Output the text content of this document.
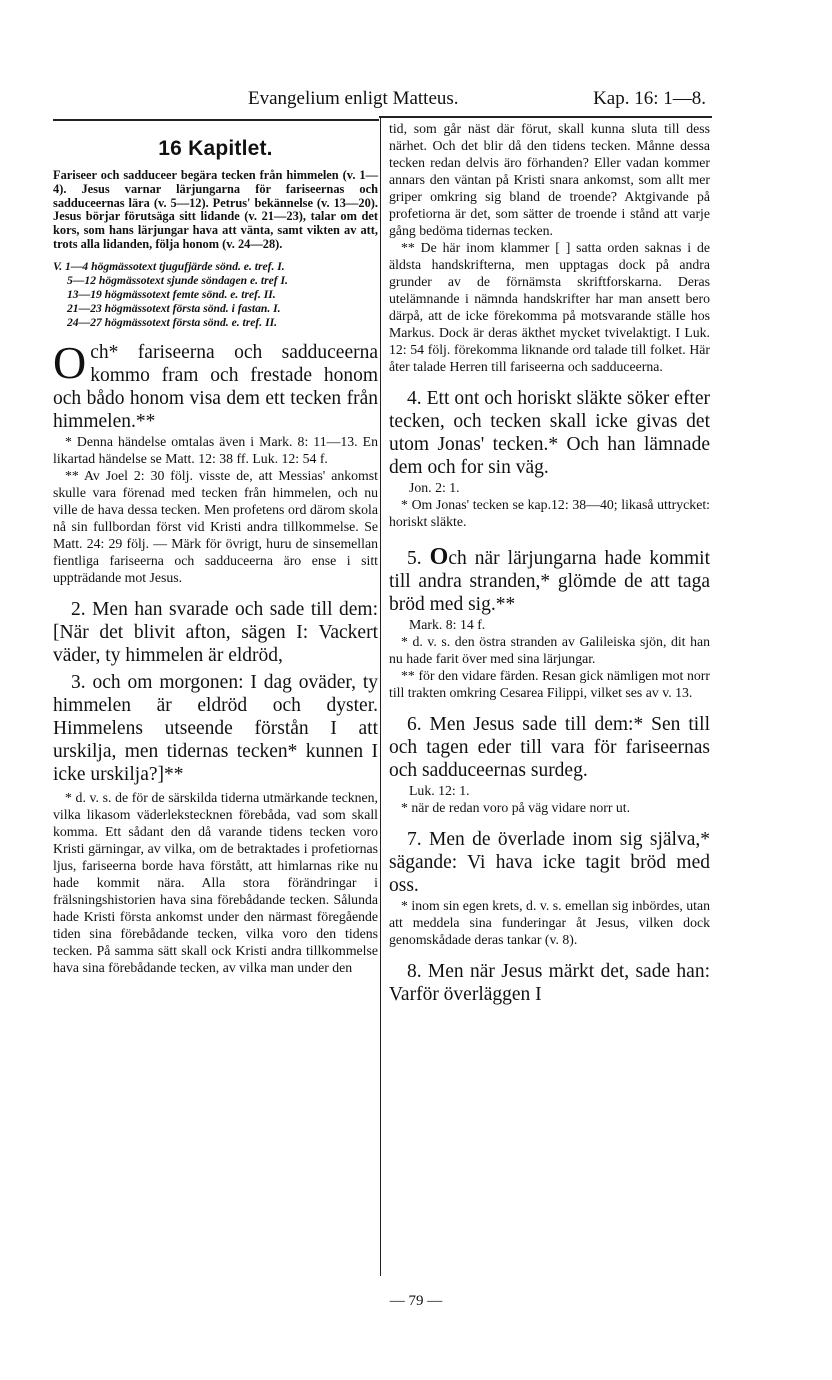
Evangelium enligt Matteus.	Kap. 16: 1—8.
16 Kapitlet.

Fariseer och sadduceer begära tecken från himmelen (v. 1—4). Jesus varnar lärjungarna för fariseernas och sadduceernas lära (v. 5—12). Petrus' bekännelse (v. 13—20). Jesus börjar förutsäga sitt lidande (v. 21—23), talar om det kors, som hans lärjungar hava att vänta, samt vikten av att, trots alla lidanden, följa honom (v. 24—28).

V. 1—4 högmässotext tjugufjärde sönd. e. tref. I.
5—12 högmässotext sjunde söndagen e. tref I.
13—19 högmässotext femte sönd. e. tref. II.
21—23 högmässotext första sönd. i fastan. I.
24—27 högmässotext första sönd. e. tref. II.

Och* fariseerna och sadduceerna kommo fram och frestade honom och bådo honom visa dem ett tecken från himmelen.**

* Denna händelse omtalas även i Mark. 8: 11—13. En likartad händelse se Matt. 12: 38 ff. Luk. 12: 54 f.

** Av Joel 2: 30 följ. visste de, att Messias' ankomst skulle vara förenad med tecken från himmelen, och nu ville de hava dessa tecken. Men profetens ord därom skola nå sin fullbordan först vid Kristi andra tillkommelse. Se Matt. 24: 29 följ. — Märk för övrigt, huru de sinsemellan fientliga fariseerna och sadduceerna äro ense i sitt uppträdande mot Jesus.

2. Men han svarade och sade till dem: [När det blivit afton, sägen I: Vackert väder, ty himmelen är eldröd,

3. och om morgonen: I dag oväder, ty himmelen är eldröd och dyster. Himmelens utseende förstån I att urskilja, men tidernas tecken* kunnen I icke urskilja?]**

* d. v. s. de för de särskilda tiderna utmärkande tecknen, vilka likasom väderlekstecknen förebåda, vad som skall komma. Ett sådant den då varande tidens tecken voro Kristi gärningar, av vilka, om de betraktades i profetiornas ljus, fariseerna borde hava förstått, att himlarnas rike nu hade kommit nära. Alla stora förändringar i frälsningshistorien hava sina förebådande tecken. Sålunda hade Kristi första ankomst under den närmast föregående tiden sina förebådande tecken, vilka voro den tidens tecken. På samma sätt skall ock Kristi andra tillkommelse hava sina förebådande tecken, av vilka man under den

tid, som går näst där förut, skall kunna sluta till dess närhet. Och det blir då den tidens tecken. Månne dessa tecken redan delvis äro förhanden? Eller vadan kommer annars den väntan på Kristi snara ankomst, som allt mer griper omkring sig bland de troende? Aktgivande på profetiorna är det, som sätter de troende i stånd att varje gång bedöma tidernas tecken.

** De här inom klammer [ ] satta orden saknas i de äldsta handskrifterna, men upptagas dock på andra grunder av de förnämsta skriftforskarna. Deras utelämnande i nämnda handskrifter har man ansett bero därpå, att de icke förekomma på motsvarande ställe hos Markus. Dock är deras äkthet mycket tvivelaktigt. I Luk. 12: 54 följ. förekomma liknande ord talade till folket. Här åter talade Herren till fariseerna och sadduceerna.

4. Ett ont och horiskt släkte söker efter tecken, och tecken skall icke givas det utom Jonas' tecken.* Och han lämnade dem och for sin väg.

Jon. 2: 1.

* Om Jonas' tecken se kap.12: 38—40; likaså uttrycket: horiskt släkte.

5. Och när lärjungarna hade kommit till andra stranden,* glömde de att taga bröd med sig.**

Mark. 8: 14 f.

* d. v. s. den östra stranden av Galileiska sjön, dit han nu hade farit över med sina lärjungar.

** för den vidare färden. Resan gick nämligen mot norr till trakten omkring Cesarea Filippi, vilket ses av v. 13.

6. Men Jesus sade till dem:* Sen till och tagen eder till vara för fariseernas och sadduceernas surdeg.

Luk. 12: 1.

* när de redan voro på väg vidare norr ut.

7. Men de överlade inom sig själva,* sägande: Vi hava icke tagit bröd med oss.

* inom sin egen krets, d. v. s. emellan sig inbördes, utan att meddela sina funderingar åt Jesus, vilken dock genomskådade deras tankar (v. 8).

8. Men när Jesus märkt det, sade han: Varför överläggen I

— 79 —
